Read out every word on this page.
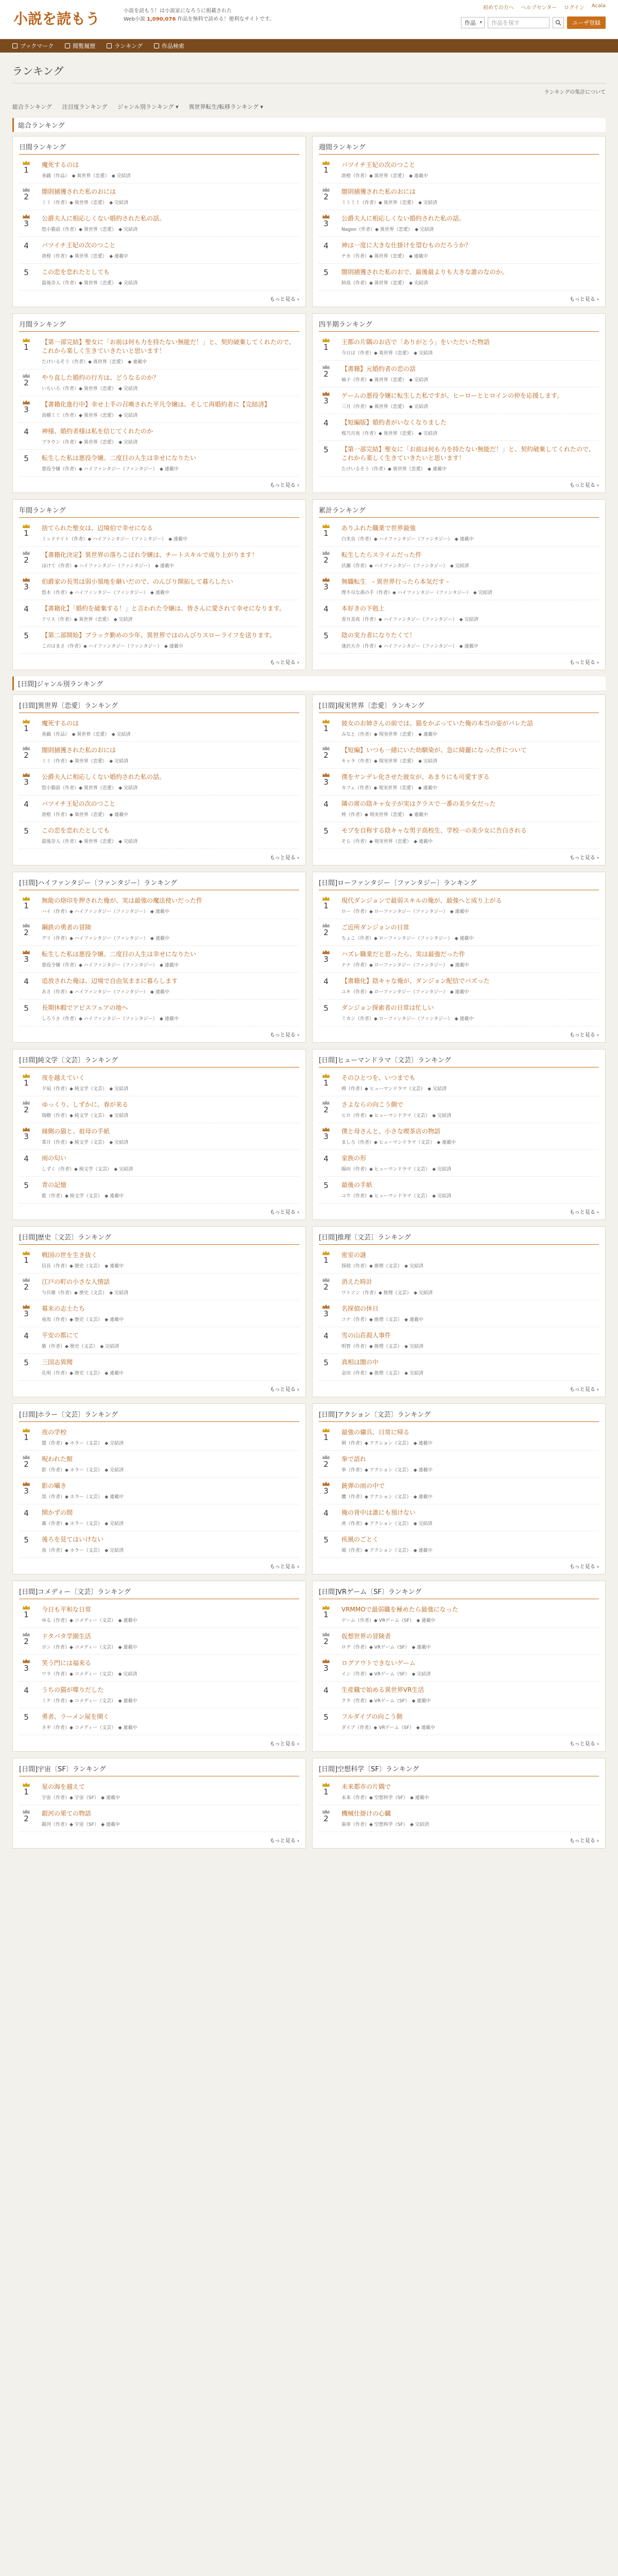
小説を読もう!	小説を読もう！は小説家になろうに掲載された
Web小説 1,090,076 作品を無料で読める！便利なサイトです。
初めての方へ ヘルプセンター ログイン Acala
作品 ▾	作品を探す	ユーザ登録
ブックマーク	閲覧履歴	ランキング	作品検索
ランキング
ランキングの集計について
総合ランキング 注目度ランキング ジャンル別ランキング ▾ 異世界転生/転移ランキング ▾
総合ランキング
日間ランキング
1
魔死するのは
喜戯（作品）　◆ 異世界（恋愛）　◆ 完結済
2
闇則捕獲された私のおには
ミミ（作者）◆ 異世界（恋愛）　◆ 完結済
3
公爵夫人に相応しくない婚約された私の話。
悠小猫語（作者）◆ 異世界（恋愛）　◆ 完結済
4	バツイチ王妃の次のつこと
唐橙（作者）◆ 異世界（恋愛）　◆ 連載中
5	この恋を恋れたとしても
最後奈人（作者）◆ 異世界（恋愛）　◆ 完結済
もっと見る ›
週間ランキング
1
バツイチ王妃の次のつこと
唐橙（作者）◆ 異世界（恋愛）　◆ 連載中
2
闇則捕獲された私のおには
ミミミミ（作者）◆ 異世界（恋愛）　◆ 完結済
3
公爵夫人に相応しくない婚約された私の話。
Nagon（作者）◆ 異世界（恋愛）　◆ 完結済
4	神は一度に大きな仕掛けを望むものだろうか？
チカ（作者）◆ 異世界（恋愛）　◆ 連載中
5	闇則捕獲された私のおで、最後最よりも大きな誰のなのか。
阿高（作者）◆ 異世界（恋愛）　◆ 完結済
もっと見る ›
月間ランキング
1
【第一部完結】聖女に「お前は何も力を持たない無能だ！」と、契約破棄してくれたので、これから楽しく生きていきたいと思います！
たけいるそう（作者）◆ 異世界（恋愛）　◆ 連載中
2
やり直した婚約の行方は、どうなるのか？
いちいろ（作者）◆ 異世界（恋愛）　◆ 完結済
3
【書籍化進行中】幸せ上手の召喚された平凡令嬢は、そして再婚約者に【完結済】
高橋ミミ（作者）◆ 異世界（恋愛）　◆ 完結済
4	神様、婚約者様は私を信じてくれたのか
ブラウン（作者）◆ 異世界（恋愛）　◆ 完結済
5	転生した私は悪役令嬢。二度目の人生は幸せになりたい
悪役令嬢（作者）◆ ハイファンタジー（ファンタジー）　◆ 連載中
もっと見る ›
四半期ランキング
1
王都の片隅のお店で「ありがとう」をいただいた物語
今日は（作者）◆ 異世界（恋愛）　◆ 完結済
2
【書籍】元婚約者の恋の話
柚子（作者）◆ 異世界（恋愛）　◆ 完結済
3
ゲームの悪役令嬢に転生した私ですが、ヒーローとヒロインの仲を応援します。
三月（作者）◆ 異世界（恋愛）　◆ 完結済
4	【短編版】婚約者がいなくなりました
桜乃月夜（作者）◆ 異世界（恋愛）　◆ 完結済
5	【第一部完結】聖女に「お前は何も力を持たない無能だ！」と、契約破棄してくれたので、これから楽しく生きていきたいと思います！
たけいるそう（作者）◆ 異世界（恋愛）　◆ 連載中
もっと見る ›
年間ランキング
1
捨てられた聖女は、辺境伯で幸せになる
ミッドナイト（作者）◆ ハイファンタジー（ファンタジー）　◆ 連載中
2
【書籍化決定】異世界の落ちこぼれ令嬢は、チートスキルで成り上がります！
ほけて（作者）◆ ハイファンタジー（ファンタジー）　◆ 連載中
3
伯爵家の長男は弱小領地を継いだので、のんびり開拓して暮らしたい
悠木（作者）◆ ハイファンタジー（ファンタジー）　◆ 連載中
4	【書籍化】「婚約を破棄する！」と言われた令嬢は、皆さんに愛されて幸せになります。
アリス（作者）◆ 異世界（恋愛）　◆ 完結済
5	【第二部開始】ブラック勤めの少年、異世界ではのんびりスローライフを送ります。
このはまさ（作者）◆ ハイファンタジー（ファンタジー）　◆ 連載中
もっと見る ›
累計ランキング
1
ありふれた職業で世界最強
白米良（作者）◆ ハイファンタジー（ファンタジー）　◆ 連載中
2
転生したらスライムだった件
伏瀬（作者）◆ ハイファンタジー（ファンタジー）　◆ 完結済
3
無職転生　- 異世界行ったら本気だす -
理不尽な孫の手（作者）◆ ハイファンタジー（ファンタジー）　◆ 完結済
4	本好きの下剋上
香月美夜（作者）◆ ハイファンタジー（ファンタジー）　◆ 完結済
5	陰の実力者になりたくて！
逢沢大介（作者）◆ ハイファンタジー（ファンタジー）　◆ 連載中
もっと見る ›
[日間]ジャンル別ランキング
[日間]異世界〔恋愛〕ランキング
1
魔死するのは
喜戯（作品）　◆ 異世界（恋愛）　◆ 完結済
2
闇則捕獲された私のおには
ミミ（作者）◆ 異世界（恋愛）　◆ 完結済
3
公爵夫人に相応しくない婚約された私の話。
悠小猫語（作者）◆ 異世界（恋愛）　◆ 完結済
4	バツイチ王妃の次のつこと
唐橙（作者）◆ 異世界（恋愛）　◆ 連載中
5	この恋を恋れたとしても
最後奈人（作者）◆ 異世界（恋愛）　◆ 完結済
もっと見る ›
[日間]現実世界〔恋愛〕ランキング
1
彼女のお姉さんの前では、猫をかぶっていた俺の本当の姿がバレた話
みなと（作者）◆ 現実世界（恋愛）　◆ 連載中
2
【短編】いつも一緒にいた幼馴染が、急に綺麗になった件について
キャラ（作者）◆ 現実世界（恋愛）　◆ 完結済
3
僕をヤンデレ化させた彼女が、あまりにも可愛すぎる
カフェ（作者）◆ 現実世界（恋愛）　◆ 連載中
4	隣の席の陰キャ女子が実はクラスで一番の美少女だった
柊（作者）◆ 現実世界（恋愛）　◆ 連載中
5	モブを自称する陰キャな男子高校生、学校一の美少女に告白される
そら（作者）◆ 現実世界（恋愛）　◆ 連載中
もっと見る ›
[日間]ハイファンタジー〔ファンタジー〕ランキング
1
無能の烙印を押された俺が、実は最強の魔法使いだった件
ハイ（作者）◆ ハイファンタジー（ファンタジー）　◆ 連載中
2
鋼鉄の勇者の冒険
グリ（作者）◆ ハイファンタジー（ファンタジー）　◆ 連載中
3
転生した私は悪役令嬢。二度目の人生は幸せになりたい
悪役令嬢（作者）◆ ハイファンタジー（ファンタジー）　◆ 連載中
4	追放された俺は、辺境で自由気ままに暮らします
あさ（作者）◆ ハイファンタジー（ファンタジー）　◆ 連載中
5	長期休暇でアビスフェアの地へ
しろうさ（作者）◆ ハイファンタジー（ファンタジー）　◆ 連載中
もっと見る ›
[日間]ローファンタジー〔ファンタジー〕ランキング
1
現代ダンジョンで最弱スキルの俺が、最強へと成り上がる
ロー（作者）◆ ローファンタジー（ファンタジー）　◆ 連載中
2
ご近所ダンジョンの日常
ちょこ（作者）◆ ローファンタジー（ファンタジー）　◆ 連載中
3
ハズレ職業だと思ったら、実は最強だった件
ナナ（作者）◆ ローファンタジー（ファンタジー）　◆ 連載中
4	【書籍化】陰キャな俺が、ダンジョン配信でバズった
ユキ（作者）◆ ローファンタジー（ファンタジー）　◆ 連載中
5	ダンジョン探索者の日常は忙しい
ミカン（作者）◆ ローファンタジー（ファンタジー）　◆ 連載中
もっと見る ›
[日間]純文学〔文芸〕ランキング
1
夜を越えていく
夕凪（作者）◆ 純文学（文芸）　◆ 完結済
2
ゆっくり、しずかに、春が来る
瑞樹（作者）◆ 純文学（文芸）　◆ 完結済
3
縁側の猫と、祖母の手紙
菜月（作者）◆ 純文学（文芸）　◆ 完結済
4	雨の匂い
しずく（作者）◆ 純文学（文芸）　◆ 完結済
5	青の記憶
藍（作者）◆ 純文学（文芸）　◆ 連載中
もっと見る ›
[日間]ヒューマンドラマ〔文芸〕ランキング
1
そのひとつを、いつまでも
朔（作者）◆ ヒューマンドラマ（文芸）　◆ 完結済
2
さよならの向こう側で
ヒロ（作者）◆ ヒューマンドラマ（文芸）　◆ 完結済
3
僕と母さんと、小さな喫茶店の物語
ましろ（作者）◆ ヒューマンドラマ（文芸）　◆ 連載中
4	家族の形
陽向（作者）◆ ヒューマンドラマ（文芸）　◆ 完結済
5	最後の手紙
ユウ（作者）◆ ヒューマンドラマ（文芸）　◆ 完結済
もっと見る ›
[日間]歴史〔文芸〕ランキング
1
戦国の世を生き抜く
信長（作者）◆ 歴史（文芸）　◆ 連載中
2
江戸の町の小さな人情話
与兵衛（作者）◆ 歴史（文芸）　◆ 完結済
3
幕末の志士たち
竜馬（作者）◆ 歴史（文芸）　◆ 連載中
4	平安の都にて
紫（作者）◆ 歴史（文芸）　◆ 完結済
5	三国志異聞
孔明（作者）◆ 歴史（文芸）　◆ 連載中
もっと見る ›
[日間]推理〔文芸〕ランキング
1
密室の謎
探偵（作者）◆ 推理（文芸）　◆ 完結済
2
消えた時計
ワトソン（作者）◆ 推理（文芸）　◆ 完結済
3
名探偵の休日
コナ（作者）◆ 推理（文芸）　◆ 連載中
4	雪の山荘殺人事件
明智（作者）◆ 推理（文芸）　◆ 完結済
5	真相は闇の中
金田（作者）◆ 推理（文芸）　◆ 完結済
もっと見る ›
[日間]ホラー〔文芸〕ランキング
1
夜の学校
闇（作者）◆ ホラー（文芸）　◆ 完結済
2
呪われた館
影（作者）◆ ホラー（文芸）　◆ 完結済
3
影の囁き
黒（作者）◆ ホラー（文芸）　◆ 連載中
4	開かずの間
霧（作者）◆ ホラー（文芸）　◆ 完結済
5	後ろを見てはいけない
夜（作者）◆ ホラー（文芸）　◆ 完結済
もっと見る ›
[日間]アクション〔文芸〕ランキング
1
最強の傭兵、日常に帰る
剣（作者）◆ アクション（文芸）　◆ 連載中
2
拳で語れ
拳（作者）◆ アクション（文芸）　◆ 連載中
3
銃弾の雨の中で
鷹（作者）◆ アクション（文芸）　◆ 連載中
4	俺の背中は誰にも預けない
虎（作者）◆ アクション（文芸）　◆ 完結済
5	疾風のごとく
風（作者）◆ アクション（文芸）　◆ 連載中
もっと見る ›
[日間]コメディー〔文芸〕ランキング
1
今日も平和な日常
ゆる（作者）◆ コメディー（文芸）　◆ 連載中
2
ドタバタ学園生活
ポン（作者）◆ コメディー（文芸）　◆ 連載中
3
笑う門には福来る
ワラ（作者）◆ コメディー（文芸）　◆ 完結済
4	うちの猫が喋りだした
ミケ（作者）◆ コメディー（文芸）　◆ 連載中
5	勇者、ラーメン屋を開く
ネギ（作者）◆ コメディー（文芸）　◆ 連載中
もっと見る ›
[日間]VRゲーム〔SF〕ランキング
1
VRMMOで最弱職を極めたら最強になった
ゲーム（作者）◆ VRゲーム（SF）　◆ 連載中
2
仮想世界の冒険者
ログ（作者）◆ VRゲーム（SF）　◆ 連載中
3
ログアウトできないゲーム
イン（作者）◆ VRゲーム（SF）　◆ 完結済
4	生産職で始める異世界VR生活
クラ（作者）◆ VRゲーム（SF）　◆ 連載中
5	フルダイブの向こう側
ダイブ（作者）◆ VRゲーム（SF）　◆ 連載中
もっと見る ›
[日間]宇宙〔SF〕ランキング
1
星の海を越えて
宇宙（作者）◆ 宇宙（SF）　◆ 連載中
2
銀河の果ての物語
銀河（作者）◆ 宇宙（SF）　◆ 連載中
もっと見る ›
[日間]空想科学〔SF〕ランキング
1
未来都市の片隅で
未来（作者）◆ 空想科学（SF）　◆ 連載中
2
機械仕掛けの心臓
歯車（作者）◆ 空想科学（SF）　◆ 完結済
もっと見る ›
